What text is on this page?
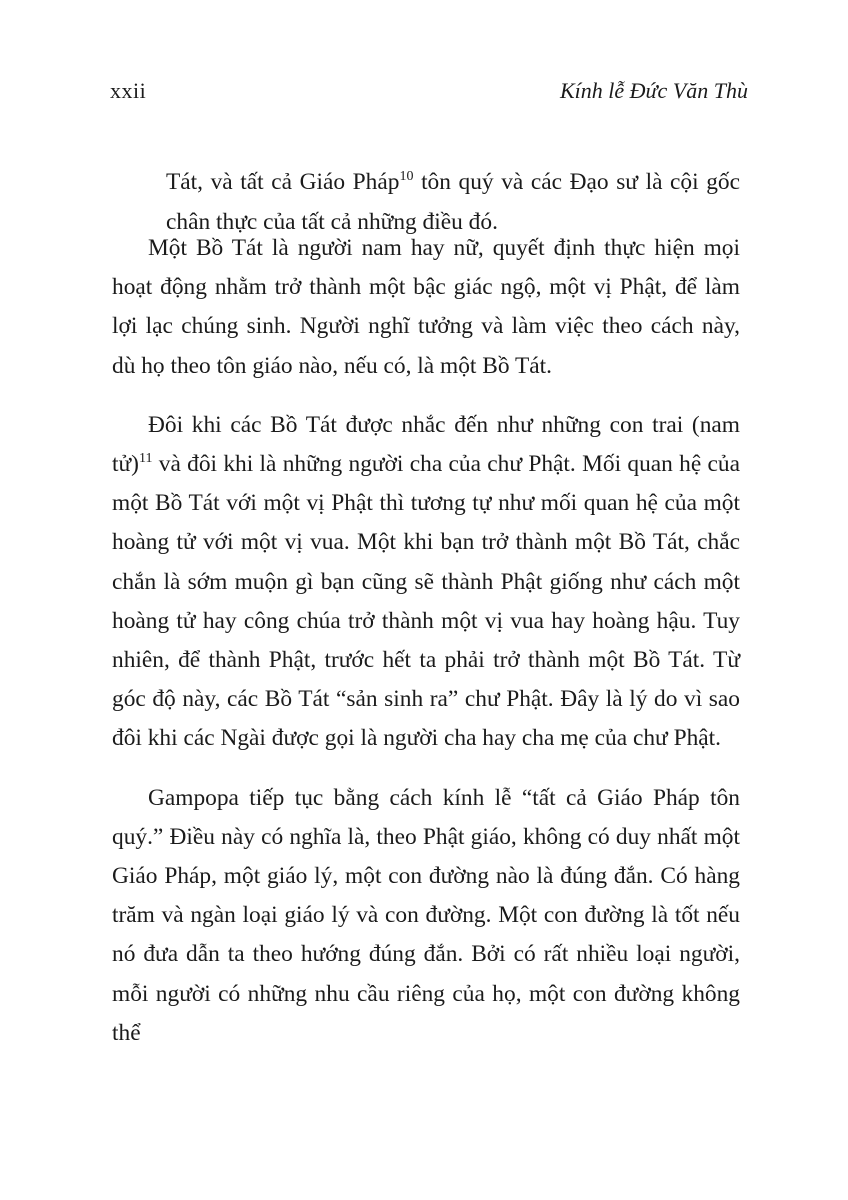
xxii	Kính lễ Đức Văn Thù

Tát, và tất cả Giáo Pháp$^{10}$ tôn quý và các Đạo sư là cội gốc chân thực của tất cả những điều đó.

Một Bồ Tát là người nam hay nữ, quyết định thực hiện mọi hoạt động nhằm trở thành một bậc giác ngộ, một vị Phật, để làm lợi lạc chúng sinh. Người nghĩ tưởng và làm việc theo cách này, dù họ theo tôn giáo nào, nếu có, là một Bồ Tát.

Đôi khi các Bồ Tát được nhắc đến như những con trai (nam tử)$^{11}$ và đôi khi là những người cha của chư Phật. Mối quan hệ của một Bồ Tát với một vị Phật thì tương tự như mối quan hệ của một hoàng tử với một vị vua. Một khi bạn trở thành một Bồ Tát, chắc chắn là sớm muộn gì bạn cũng sẽ thành Phật giống như cách một hoàng tử hay công chúa trở thành một vị vua hay hoàng hậu. Tuy nhiên, để thành Phật, trước hết ta phải trở thành một Bồ Tát. Từ góc độ này, các Bồ Tát “sản sinh ra” chư Phật. Đây là lý do vì sao đôi khi các Ngài được gọi là người cha hay cha mẹ của chư Phật.

Gampopa tiếp tục bằng cách kính lễ “tất cả Giáo Pháp tôn quý.” Điều này có nghĩa là, theo Phật giáo, không có duy nhất một Giáo Pháp, một giáo lý, một con đường nào là đúng đắn. Có hàng trăm và ngàn loại giáo lý và con đường. Một con đường là tốt nếu nó đưa dẫn ta theo hướng đúng đắn. Bởi có rất nhiều loại người, mỗi người có những nhu cầu riêng của họ, một con đường không thể
